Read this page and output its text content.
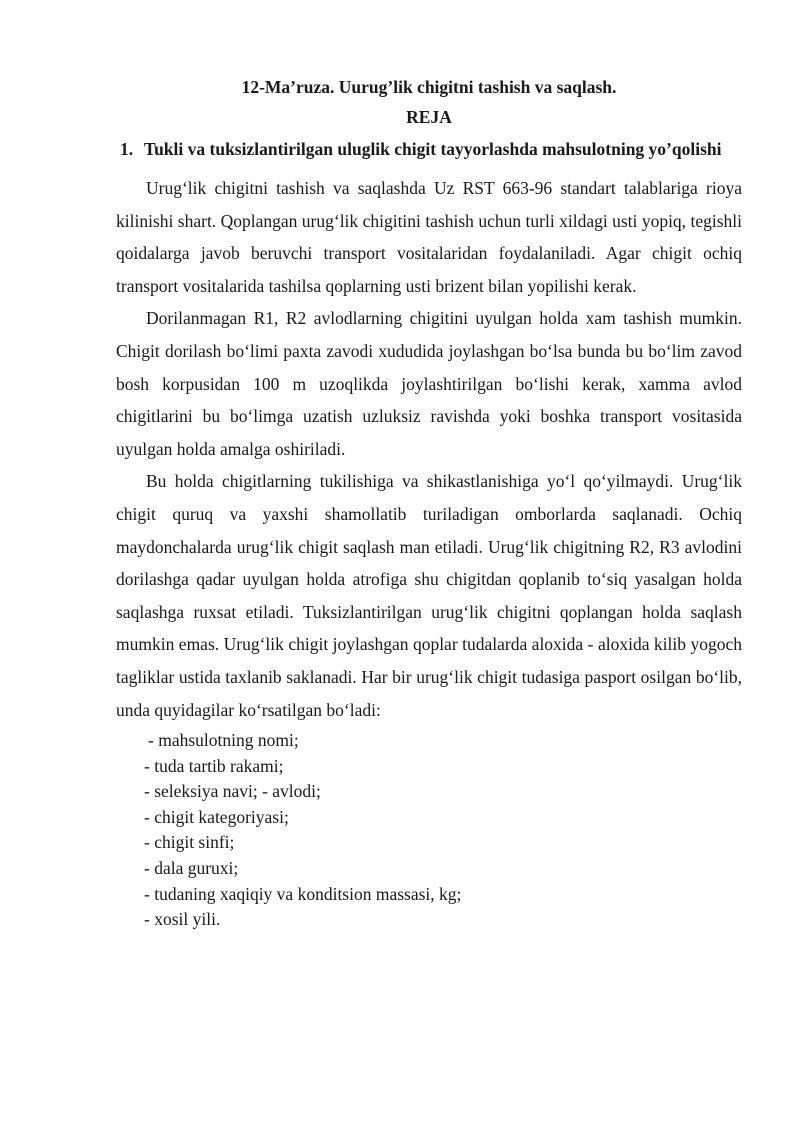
12-Ma’ruza. Uurug’lik chigitni tashish va saqlash.
REJA
1. Tukli va tuksizlantirilgan uluglik chigit tayyorlashda mahsulotning yo’qolishi

Urug‘lik chigitni tashish va saqlashda Uz RST 663-96 standart talablariga rioya kilinishi shart. Qoplangan urug‘lik chigitini tashish uchun turli xildagi usti yopiq, tegishli qoidalarga javob beruvchi transport vositalaridan foydalaniladi. Agar chigit ochiq transport vositalarida tashilsa qoplarning usti brizent bilan yopilishi kerak.

Dorilanmagan R1, R2 avlodlarning chigitini uyulgan holda xam tashish mumkin. Chigit dorilash bo‘limi paxta zavodi xududida joylashgan bo‘lsa bunda bu bo‘lim zavod bosh korpusidan 100 m uzoqlikda joylashtirilgan bo‘lishi kerak, xamma avlod chigitlarini bu bo‘limga uzatish uzluksiz ravishda yoki boshka transport vositasida uyulgan holda amalga oshiriladi.

Bu holda chigitlarning tukilishiga va shikastlanishiga yo‘l qo‘yilmaydi. Urug‘lik chigit quruq va yaxshi shamollatib turiladigan omborlarda saqlanadi. Ochiq maydonchalarda urug‘lik chigit saqlash man etiladi. Urug‘lik chigitning R2, R3 avlodini dorilashga qadar uyulgan holda atrofiga shu chigitdan qoplanib to‘siq yasalgan holda saqlashga ruxsat etiladi. Tuksizlantirilgan urug‘lik chigitni qoplangan holda saqlash mumkin emas. Urug‘lik chigit joylashgan qoplar tudalarda aloxida - aloxida kilib yogoch tagliklar ustida taxlanib saklanadi. Har bir urug‘lik chigit tudasiga pasport osilgan bo‘lib, unda quyidagilar ko‘rsatilgan bo‘ladi:

- mahsulotning nomi;
- tuda tartib rakami;
- seleksiya navi; - avlodi;
- chigit kategoriyasi;
- chigit sinfi;
- dala guruxi;
- tudaning xaqiqiy va konditsion massasi, kg;
- xosil yili.
